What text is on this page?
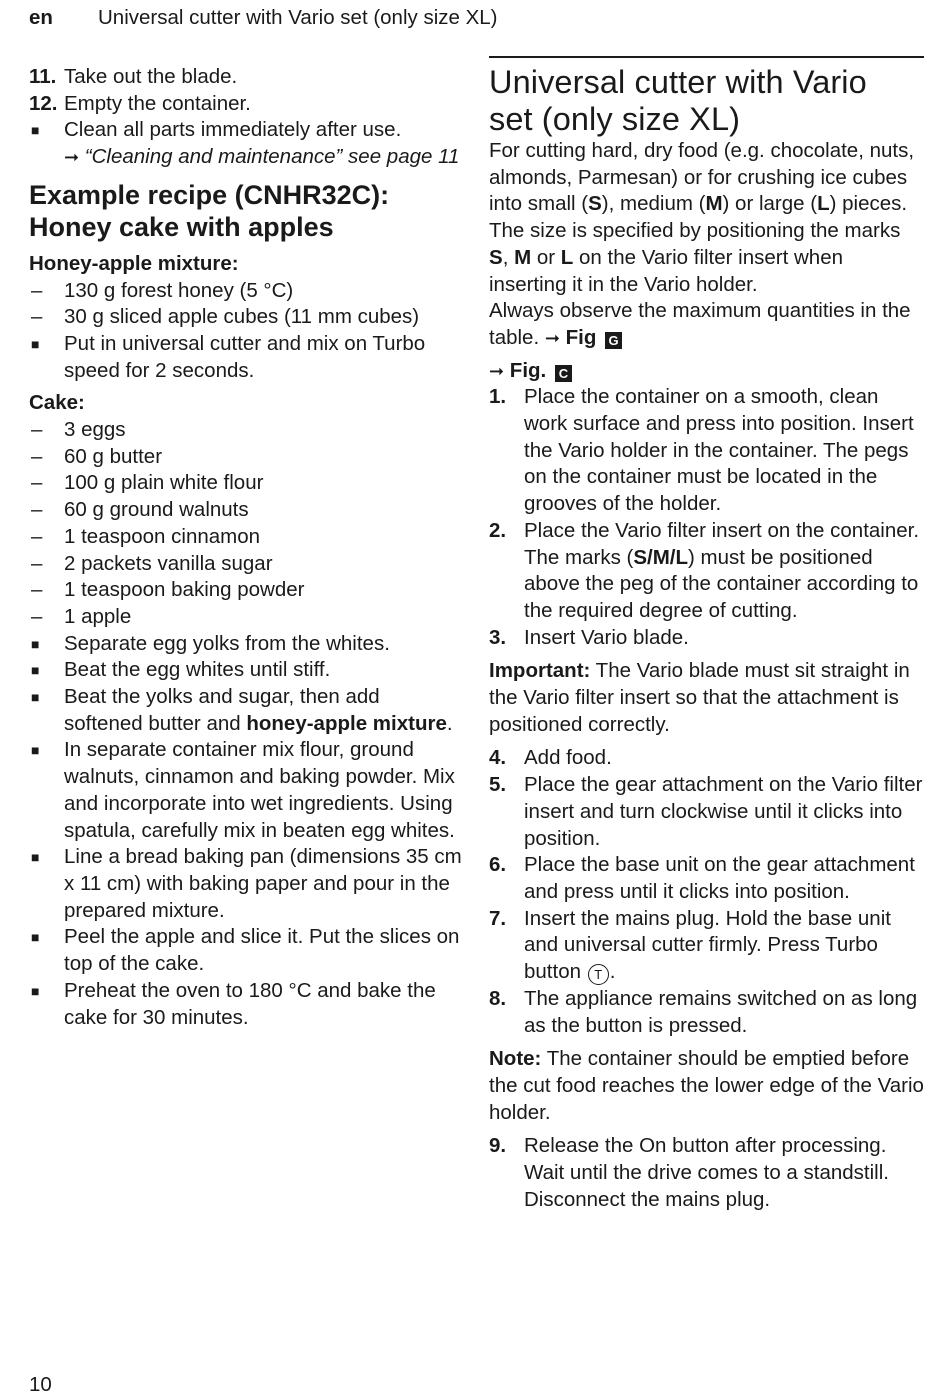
en Universal cutter with Vario set (only size XL)
11. Take out the blade.
12. Empty the container.
■ Clean all parts immediately after use.
➞ “Cleaning and maintenance” see page 11
Example recipe (CNHR32C):
Honey cake with apples
Honey-apple mixture:
– 130 g forest honey (5 °C)
– 30 g sliced apple cubes (11 mm cubes)
■ Put in universal cutter and mix on Turbo speed for 2 seconds.
Cake:
– 3 eggs
– 60 g butter
– 100 g plain white flour
– 60 g ground walnuts
– 1 teaspoon cinnamon
– 2 packets vanilla sugar
– 1 teaspoon baking powder
– 1 apple
■ Separate egg yolks from the whites.
■ Beat the egg whites until stiff.
■ Beat the yolks and sugar, then add softened butter and honey-apple mixture.
■ In separate container mix flour, ground walnuts, cinnamon and baking powder. Mix and incorporate into wet ingredients. Using spatula, carefully mix in beaten egg whites.
■ Line a bread baking pan (dimensions 35 cm x 11 cm) with baking paper and pour in the prepared mixture.
■ Peel the apple and slice it. Put the slices on top of the cake.
■ Preheat the oven to 180 °C and bake the cake for 30 minutes.
Universal cutter with Vario
set (only size XL)

For cutting hard, dry food (e.g. chocolate, nuts, almonds, Parmesan) or for crushing ice cubes into small (S), medium (M) or large (L) pieces. The size is specified by positioning the marks S, M or L on the Vario filter insert when inserting it in the Vario holder.

Always observe the maximum quantities in the table. ➞ Fig G

➞ Fig. C
1. Place the container on a smooth, clean work surface and press into position. Insert the Vario holder in the container. The pegs on the container must be located in the grooves of the holder.
2. Place the Vario filter insert on the container.
The marks (S/M/L) must be positioned above the peg of the container according to the required degree of cutting.
3. Insert Vario blade.

Important: The Vario blade must sit straight in the Vario filter insert so that the attachment is positioned correctly.

4. Add food.
5. Place the gear attachment on the Vario filter insert and turn clockwise until it clicks into position.
6. Place the base unit on the gear attachment and press until it clicks into position.
7. Insert the mains plug. Hold the base unit and universal cutter firmly. Press Turbo button T .
8. The appliance remains switched on as long as the button is pressed.

Note: The container should be emptied before the cut food reaches the lower edge of the Vario holder.

9. Release the On button after processing. Wait until the drive comes to a standstill. Disconnect the mains plug.
10
